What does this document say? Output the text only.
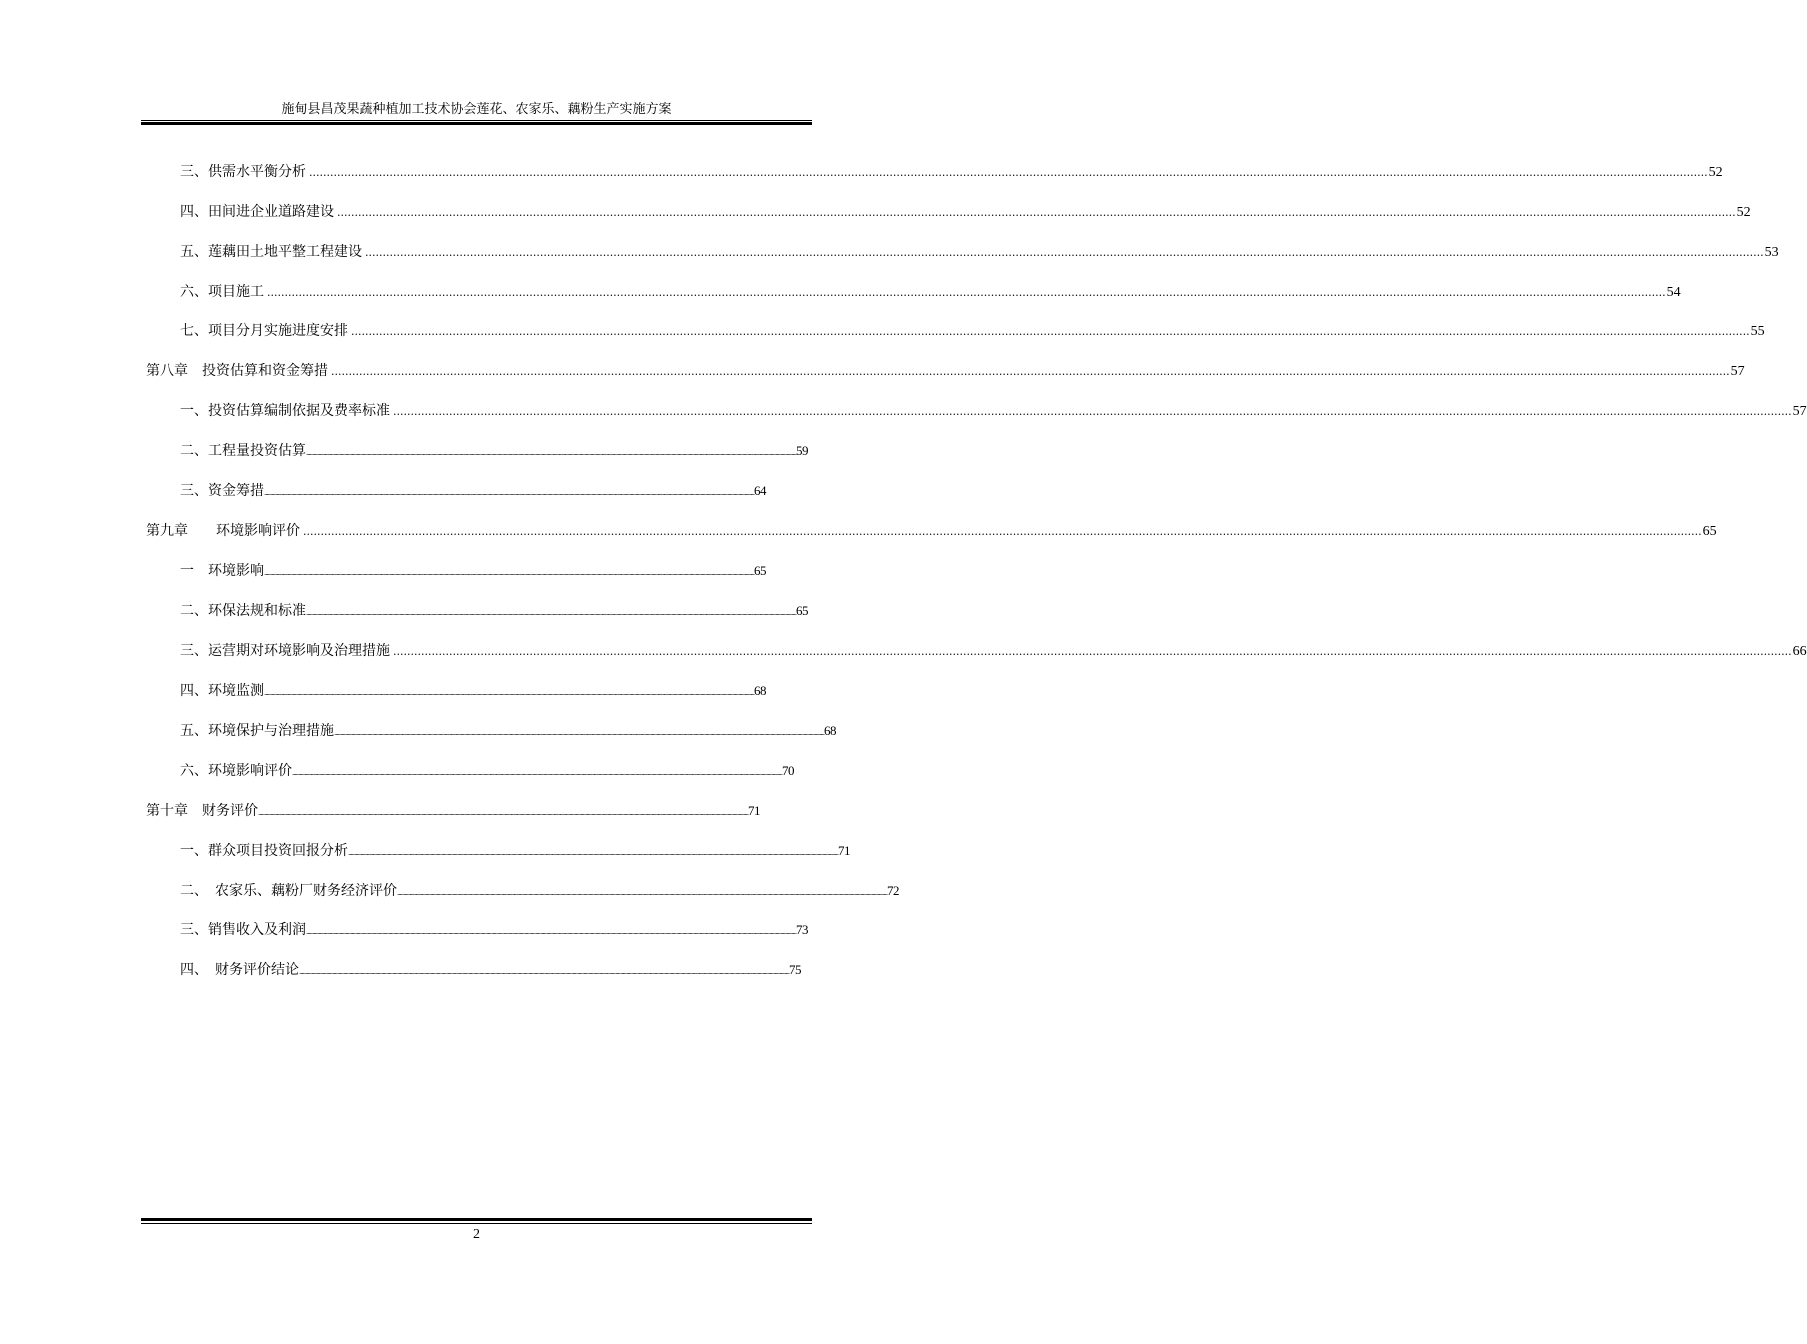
施甸县昌茂果蔬种植加工技术协会莲花、农家乐、藕粉生产实施方案
三、供需水平衡分析 ................................................................................................................................................................................................................................................................................................................................................................................................................ 52
四、田间进企业道路建设 ................................................................................................................................................................................................................................................................................................................................................................................................................ 52
五、莲藕田土地平整工程建设 ................................................................................................................................................................................................................................................................................................................................................................................................................ 53
六、项目施工 ................................................................................................................................................................................................................................................................................................................................................................................................................ 54
七、项目分月实施进度安排 ................................................................................................................................................................................................................................................................................................................................................................................................................ 55
第八章　投资估算和资金筹措 ................................................................................................................................................................................................................................................................................................................................................................................................................ 57
一、投资估算编制依据及费率标准 ................................................................................................................................................................................................................................................................................................................................................................................................................ 57
二、工程量投资估算 ................................................................................................................................................................................................................................................................................................................................................................................................................ 59
三、资金筹措 ................................................................................................................................................................................................................................................................................................................................................................................................................ 64
第九章　　环境影响评价 ................................................................................................................................................................................................................................................................................................................................................................................................................ 65
一　环境影响 ................................................................................................................................................................................................................................................................................................................................................................................................................ 65
二、环保法规和标准 ................................................................................................................................................................................................................................................................................................................................................................................................................ 65
三、运营期对环境影响及治理措施 ................................................................................................................................................................................................................................................................................................................................................................................................................ 66
四、环境监测 ................................................................................................................................................................................................................................................................................................................................................................................................................ 68
五、环境保护与治理措施 ................................................................................................................................................................................................................................................................................................................................................................................................................ 68
六、环境影响评价 ................................................................................................................................................................................................................................................................................................................................................................................................................ 70
第十章　财务评价 ................................................................................................................................................................................................................................................................................................................................................................................................................ 71
一、群众项目投资回报分析 ................................................................................................................................................................................................................................................................................................................................................................................................................ 71
二、　农家乐、藕粉厂财务经济评价 ................................................................................................................................................................................................................................................................................................................................................................................................................ 72
三、销售收入及利润 ................................................................................................................................................................................................................................................................................................................................................................................................................ 73
四、　财务评价结论 ................................................................................................................................................................................................................................................................................................................................................................................................................ 75
2
